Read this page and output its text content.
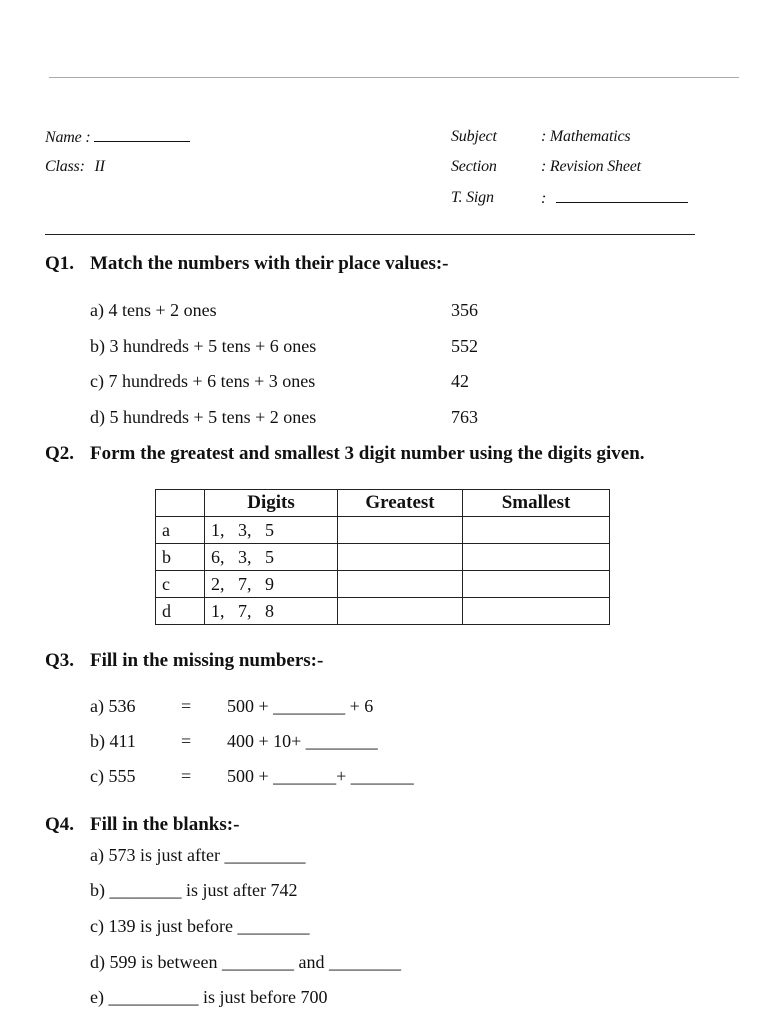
Name :
Class: II
Subject	: Mathematics
Section	: Revision Sheet
T. Sign	:
Q1. Match the numbers with their place values:-
a) 4 tens + 2 ones	356
b) 3 hundreds + 5 tens + 6 ones	552
c) 7 hundreds + 6 tens + 3 ones	42
d) 5 hundreds + 5 tens + 2 ones	763
Q2. Form the greatest and smallest 3 digit number using the digits given.
	Digits	Greatest	Smallest
a	1,   3,   5		
b	6,   3,   5		
c	2,   7,   9		
d	1,   7,   8		
Q3. Fill in the missing numbers:-
a) 536	= 500 + ________ + 6
b) 411	= 400 + 10+ ________
c) 555	= 500 + _______+ _______
Q4. Fill in the blanks:-
a) 573 is just after _________
b) ________ is just after 742
c) 139 is just before ________
d) 599 is between ________ and ________
e) __________ is just before 700
